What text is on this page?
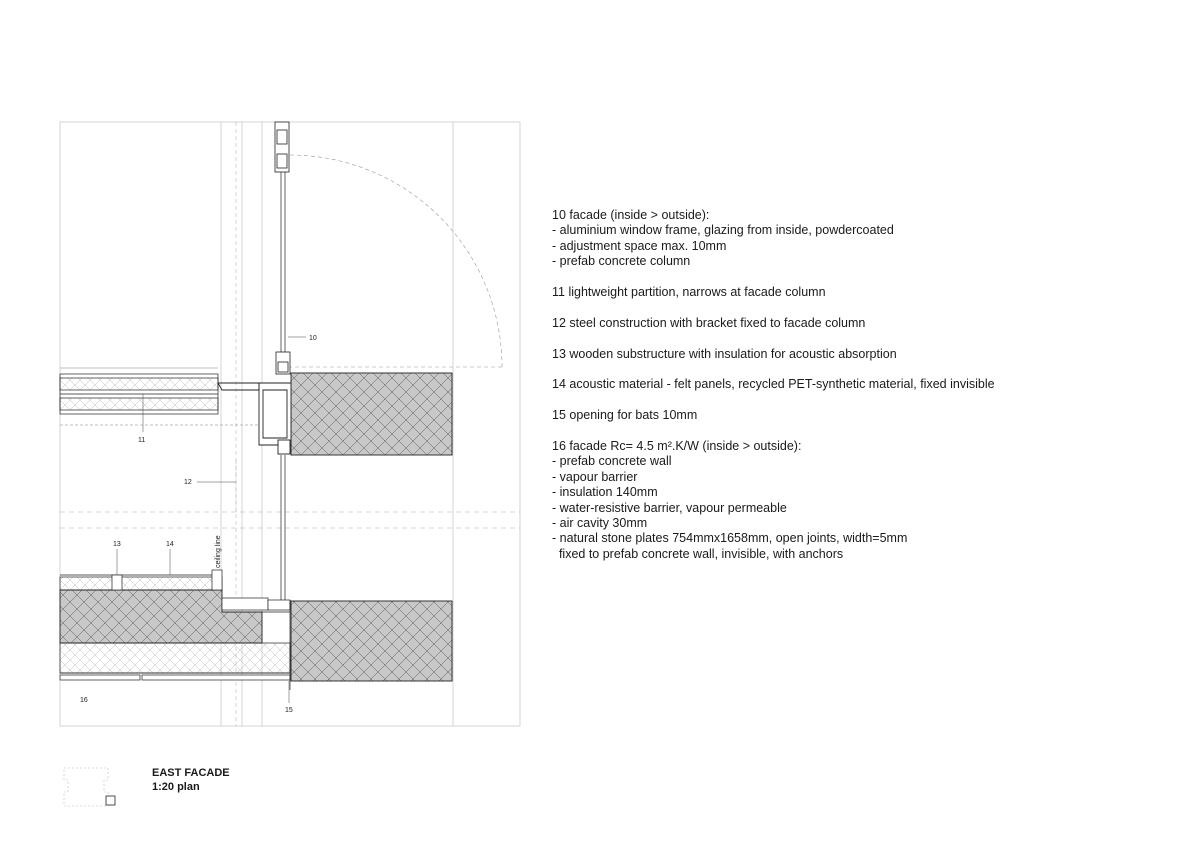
10
11
12
13	14
15
16
ceiling line
10 facade (inside > outside):
- aluminium window frame, glazing from inside, powdercoated
- adjustment space max. 10mm
- prefab concrete column
11 lightweight partition, narrows at facade column
12 steel construction with bracket fixed to facade column
13 wooden substructure with insulation for acoustic absorption
14 acoustic material - felt panels, recycled PET-synthetic material, fixed invisible
15 opening for bats 10mm
16 facade Rc= 4.5 m².K/W (inside > outside):
- prefab concrete wall
- vapour barrier
- insulation 140mm
- water-resistive barrier, vapour permeable
- air cavity 30mm
- natural stone plates 754mmx1658mm, open joints, width=5mm
fixed to prefab concrete wall, invisible, with anchors
EAST FACADE
1:20 plan
